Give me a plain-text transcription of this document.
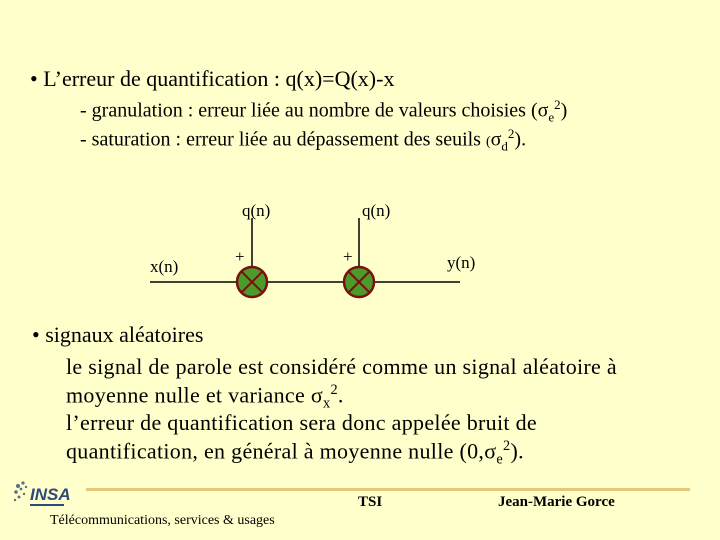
• L’erreur de quantification : q(x)=Q(x)-x
- granulation : erreur liée au nombre de valeurs choisies $(\sigma_e^2)$
- saturation : erreur liée au dépassement des seuils $(\sigma_d^2)$.
q(n)	q(n)
x(n)	y(n)
+	+
• signaux aléatoires
le signal de parole est considéré comme un signal aléatoire à
moyenne nulle et variance $\sigma_x^2$.
l’erreur de quantification sera donc appelée bruit de
quantification, en général à moyenne nulle $(0,\sigma_e^2)$.
INSA
Télécommunications, services & usages
TSI	Jean-Marie Gorce
